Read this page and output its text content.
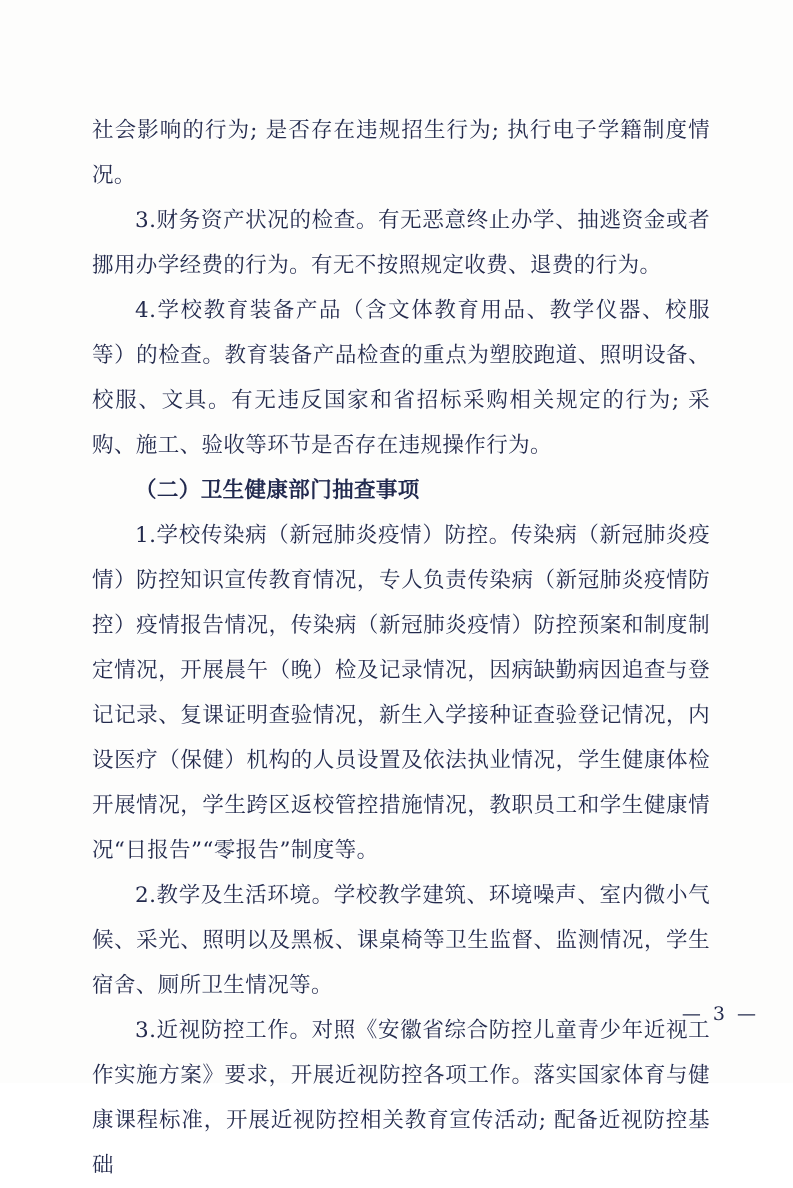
社会影响的行为; 是否存在违规招生行为; 执行电子学籍制度情况。

3.财务资产状况的检查。有无恶意终止办学、抽逃资金或者挪用办学经费的行为。有无不按照规定收费、退费的行为。

4.学校教育装备产品（含文体教育用品、教学仪器、校服等）的检查。教育装备产品检查的重点为塑胶跑道、照明设备、校服、文具。有无违反国家和省招标采购相关规定的行为; 采购、施工、验收等环节是否存在违规操作行为。

（二）卫生健康部门抽查事项

1.学校传染病（新冠肺炎疫情）防控。传染病（新冠肺炎疫情）防控知识宣传教育情况，专人负责传染病（新冠肺炎疫情防控）疫情报告情况，传染病（新冠肺炎疫情）防控预案和制度制定情况，开展晨午（晚）检及记录情况，因病缺勤病因追查与登记记录、复课证明查验情况，新生入学接种证查验登记情况，内设医疗（保健）机构的人员设置及依法执业情况，学生健康体检开展情况，学生跨区返校管控措施情况，教职员工和学生健康情况“日报告”“零报告”制度等。

2.教学及生活环境。学校教学建筑、环境噪声、室内微小气候、采光、照明以及黑板、课桌椅等卫生监督、监测情况，学生宿舍、厕所卫生情况等。

3.近视防控工作。对照《安徽省综合防控儿童青少年近视工作实施方案》要求，开展近视防控各项工作。落实国家体育与健康课程标准，开展近视防控相关教育宣传活动; 配备近视防控基础

— 3 —
